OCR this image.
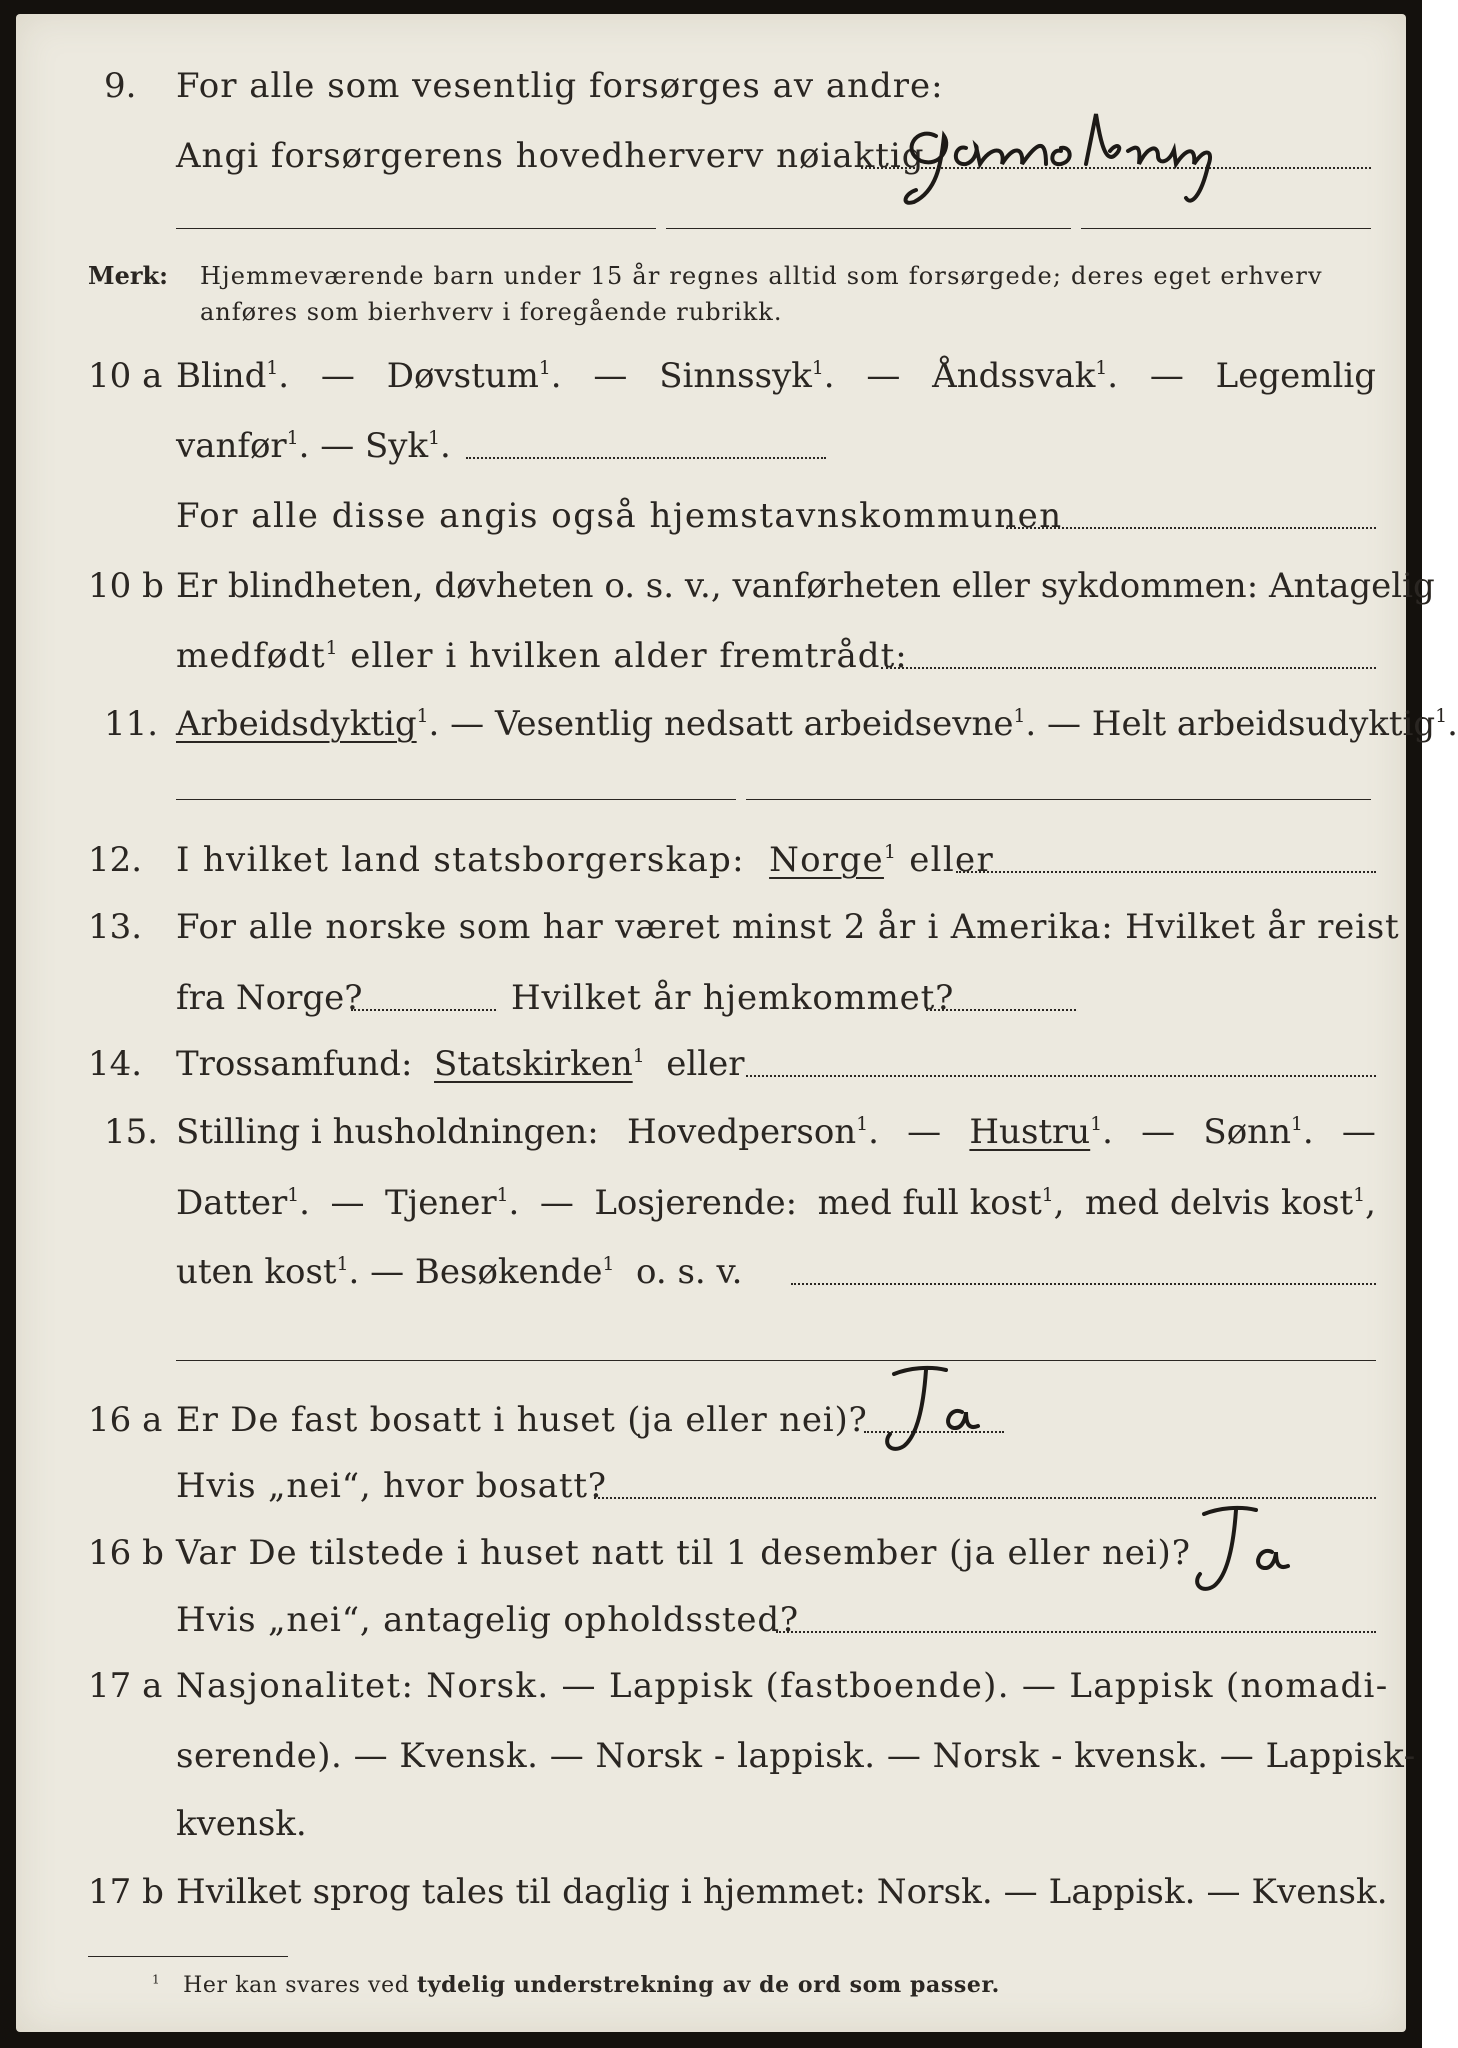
9. For alle som vesentlig forsørges av andre:
Angi forsørgerens hovedherverv nøiaktig
Merk: Hjemmeværende barn under 15 år regnes alltid som forsørgede; deres eget erhverv
anføres som bierhverv i foregående rubrikk.
10 a Blind$^1$. — Døvstum$^1$. — Sinnssyk$^1$. — Åndssvak$^1$. — Legemlig
vanfør$^1$. — Syk$^1$.
For alle disse angis også hjemstavnskommunen
10 b Er blindheten, døvheten o. s. v., vanførheten eller sykdommen: Antagelig
medfødt$^1$ eller i hvilken alder fremtrådt:
11. Arbeidsdyktig$^1$. — Vesentlig nedsatt arbeidsevne$^1$. — Helt arbeidsudyktig$^1$.
12. I hvilket land statsborgerskap: Norge$^1$ eller
13. For alle norske som har været minst 2 år i Amerika: Hvilket år reist
fra Norge?	Hvilket år hjemkommet?
14. Trossamfund: Statskirken$^1$ eller
15. Stilling i husholdningen: Hovedperson$^1$. — Hustru$^1$. — Sønn$^1$. —
Datter$^1$. — Tjener$^1$. — Losjerende: med full kost$^1$, med delvis kost$^1$,
uten kost$^1$. — Besøkende$^1$ o. s. v.
16 a Er De fast bosatt i huset (ja eller nei)?
Hvis „nei“, hvor bosatt?
16 b Var De tilstede i huset natt til 1 desember (ja eller nei)?
Hvis „nei“, antagelig opholdssted?
17 a Nasjonalitet: Norsk. — Lappisk (fastboende). — Lappisk (nomadi-
serende). — Kvensk. — Norsk - lappisk. — Norsk - kvensk. — Lappisk-
kvensk.
17 b Hvilket sprog tales til daglig i hjemmet: Norsk. — Lappisk. — Kvensk.
$^1$ Her kan svares ved tydelig understrekning av de ord som passer.
